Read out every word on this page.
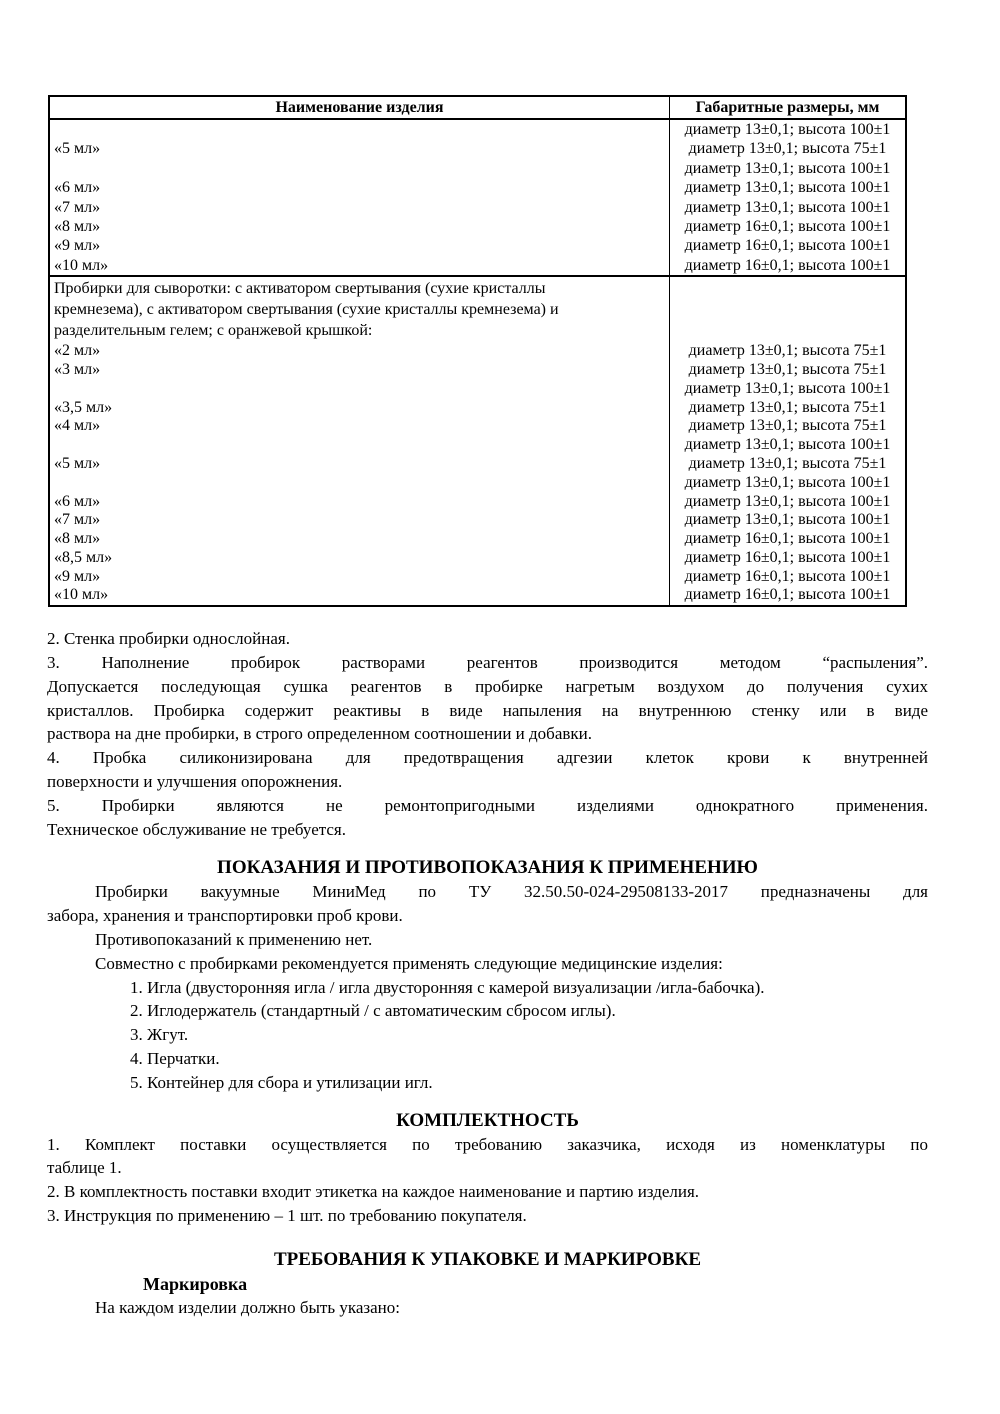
Наименование изделия	Габаритные размеры, мм

«5 мл»

«6 мл»
«7 мл»
«8 мл»
«9 мл»
«10 мл»
диаметр 13±0,1; высота 100±1
диаметр 13±0,1; высота 75±1
диаметр 13±0,1; высота 100±1
диаметр 13±0,1; высота 100±1
диаметр 13±0,1; высота 100±1
диаметр 16±0,1; высота 100±1
диаметр 16±0,1; высота 100±1
диаметр 16±0,1; высота 100±1
Пробирки для сыворотки: с активатором свертывания (сухие кристаллы кремнезема), с активатором свертывания (сухие кристаллы кремнезема) и разделительным гелем; с оранжевой крышкой:
«2 мл»
«3 мл»

«3,5 мл»
«4 мл»

«5 мл»

«6 мл»
«7 мл»
«8 мл»
«8,5 мл»
«9 мл»
«10 мл»
диаметр 13±0,1; высота 75±1
диаметр 13±0,1; высота 75±1
диаметр 13±0,1; высота 100±1
диаметр 13±0,1; высота 75±1
диаметр 13±0,1; высота 75±1
диаметр 13±0,1; высота 100±1
диаметр 13±0,1; высота 75±1
диаметр 13±0,1; высота 100±1
диаметр 13±0,1; высота 100±1
диаметр 13±0,1; высота 100±1
диаметр 16±0,1; высота 100±1
диаметр 16±0,1; высота 100±1
диаметр 16±0,1; высота 100±1
диаметр 16±0,1; высота 100±1
2. Стенка пробирки однослойная.
3. Наполнение пробирок растворами реагентов производится методом “распыления”.
Допускается последующая сушка реагентов в пробирке нагретым воздухом до получения сухих
кристаллов. Пробирка содержит реактивы в виде напыления на внутреннюю стенку или в виде
раствора на дне пробирки, в строго определенном соотношении и добавки.
4. Пробка силиконизирована для предотвращения адгезии клеток крови к внутренней
поверхности и улучшения опорожнения.
5. Пробирки являются не ремонтопригодными изделиями однократного применения.
Техническое обслуживание не требуется.
ПОКАЗАНИЯ И ПРОТИВОПОКАЗАНИЯ К ПРИМЕНЕНИЮ
Пробирки вакуумные МиниМед по ТУ 32.50.50-024-29508133-2017 предназначены для
забора, хранения и транспортировки проб крови.
Противопоказаний к применению нет.
Совместно с пробирками рекомендуется применять следующие медицинские изделия:
1. Игла (двусторонняя игла / игла двусторонняя с камерой визуализации /игла-бабочка).
2. Иглодержатель (стандартный / с автоматическим сбросом иглы).
3. Жгут.
4. Перчатки.
5. Контейнер для сбора и утилизации игл.
КОМПЛЕКТНОСТЬ
1. Комплект поставки осуществляется по требованию заказчика, исходя из номенклатуры по
таблице 1.
2. В комплектность поставки входит этикетка на каждое наименование и партию изделия.
3. Инструкция по применению – 1 шт. по требованию покупателя.
ТРЕБОВАНИЯ К УПАКОВКЕ И МАРКИРОВКЕ
Маркировка
На каждом изделии должно быть указано:
